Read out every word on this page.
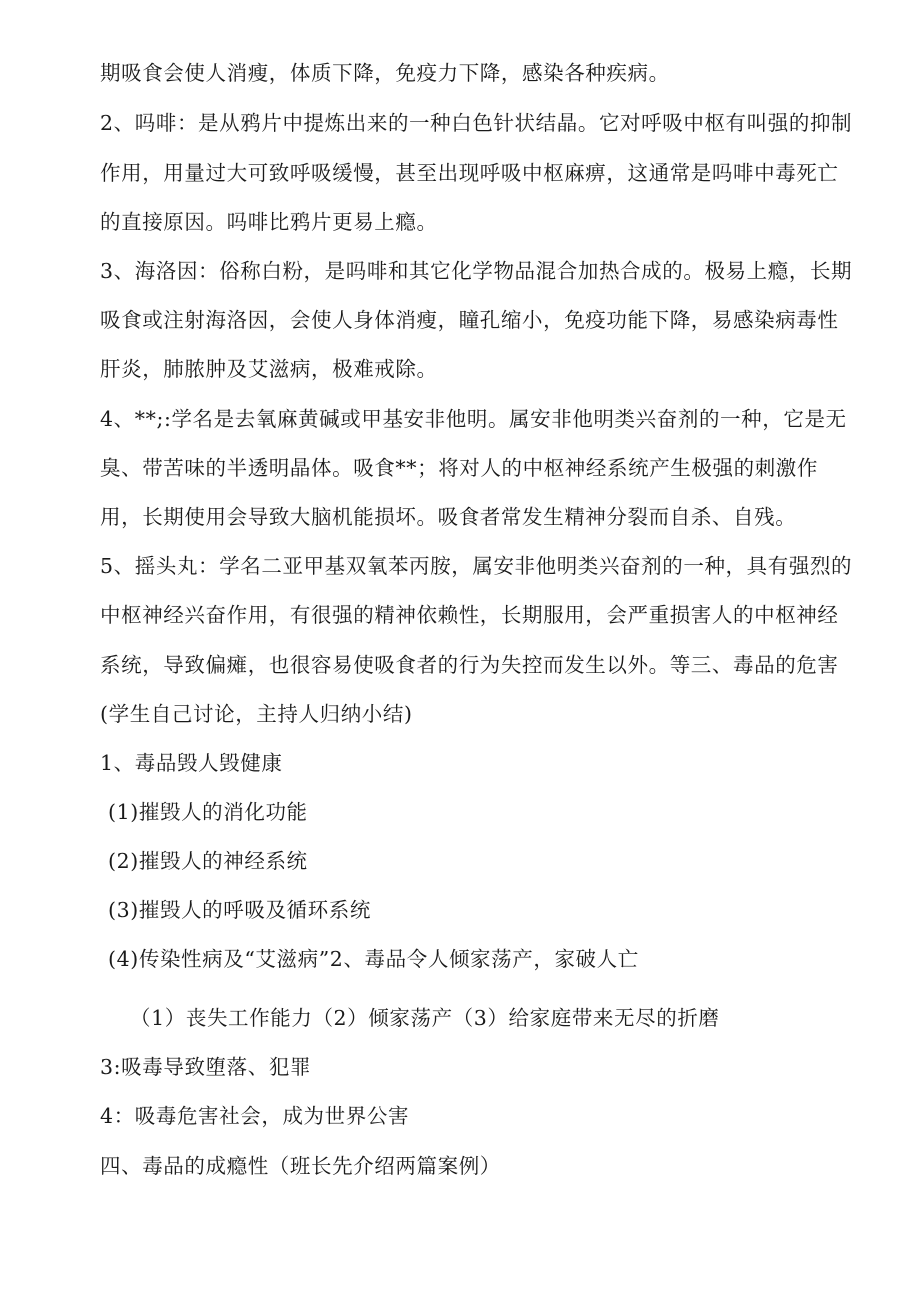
期吸食会使人消瘦，体质下降，免疫力下降，感染各种疾病。
2、吗啡：是从鸦片中提炼出来的一种白色针状结晶。它对呼吸中枢有叫强的抑制
作用，用量过大可致呼吸缓慢，甚至出现呼吸中枢麻痹，这通常是吗啡中毒死亡
的直接原因。吗啡比鸦片更易上瘾。
3、海洛因：俗称白粉，是吗啡和其它化学物品混合加热合成的。极易上瘾，长期
吸食或注射海洛因，会使人身体消瘦，瞳孔缩小，免疫功能下降，易感染病毒性
肝炎，肺脓肿及艾滋病，极难戒除。
4、**;:学名是去氧麻黄碱或甲基安非他明。属安非他明类兴奋剂的一种，它是无
臭、带苦味的半透明晶体。吸食**；将对人的中枢神经系统产生极强的刺激作
用，长期使用会导致大脑机能损坏。吸食者常发生精神分裂而自杀、自残。
5、摇头丸：学名二亚甲基双氧苯丙胺，属安非他明类兴奋剂的一种，具有强烈的
中枢神经兴奋作用，有很强的精神依赖性，长期服用，会严重损害人的中枢神经
系统，导致偏瘫，也很容易使吸食者的行为失控而发生以外。等三、毒品的危害
(学生自己讨论，主持人归纳小结)
1、毒品毁人毁健康
(1)摧毁人的消化功能
(2)摧毁人的神经系统
(3)摧毁人的呼吸及循环系统
(4)传染性病及“艾滋病”2、毒品令人倾家荡产，家破人亡
（1）丧失工作能力（2）倾家荡产（3）给家庭带来无尽的折磨
3:吸毒导致堕落、犯罪
4：吸毒危害社会，成为世界公害
四、毒品的成瘾性（班长先介绍两篇案例）
